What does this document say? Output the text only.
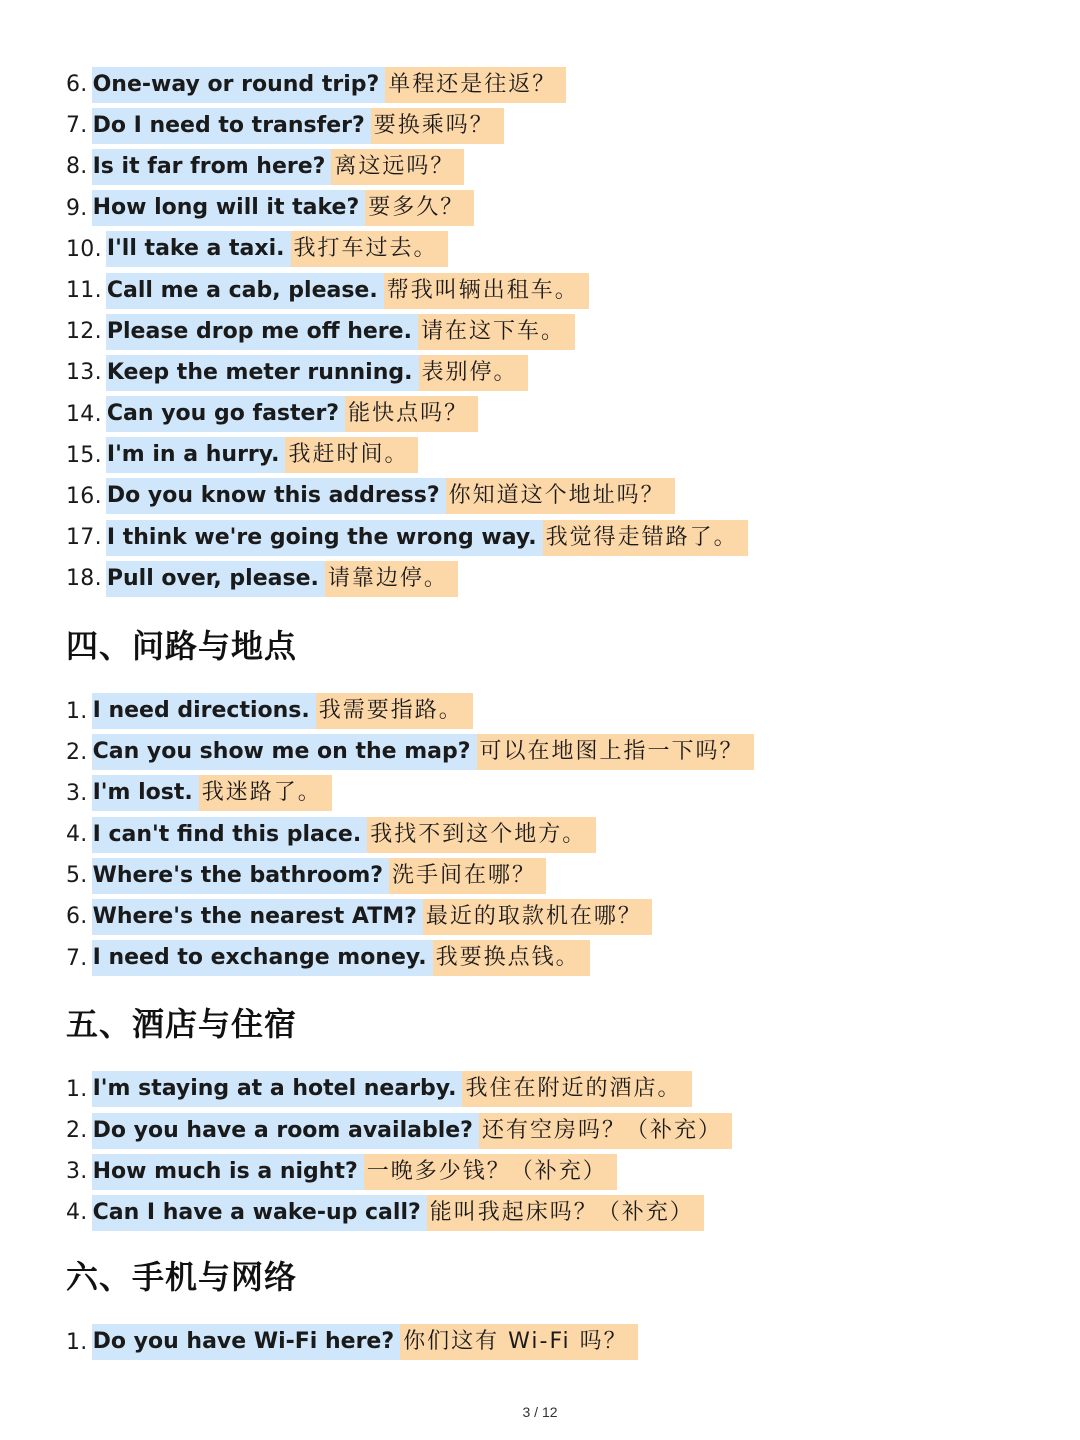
6. One-way or round trip? 单程还是往返？
7. Do I need to transfer? 要换乘吗？
8. Is it far from here? 离这远吗？
9. How long will it take? 要多久？
10. I'll take a taxi. 我打车过去。
11. Call me a cab, please. 帮我叫辆出租车。
12. Please drop me off here. 请在这下车。
13. Keep the meter running. 表别停。
14. Can you go faster? 能快点吗？
15. I'm in a hurry. 我赶时间。
16. Do you know this address? 你知道这个地址吗？
17. I think we're going the wrong way. 我觉得走错路了。
18. Pull over, please. 请靠边停。
四、问路与地点
1. I need directions. 我需要指路。
2. Can you show me on the map? 可以在地图上指一下吗？
3. I'm lost. 我迷路了。
4. I can't find this place. 我找不到这个地方。
5. Where's the bathroom? 洗手间在哪？
6. Where's the nearest ATM? 最近的取款机在哪？
7. I need to exchange money. 我要换点钱。
五、酒店与住宿
1. I'm staying at a hotel nearby. 我住在附近的酒店。
2. Do you have a room available? 还有空房吗？（补充）
3. How much is a night? 一晚多少钱？（补充）
4. Can I have a wake-up call? 能叫我起床吗？（补充）
六、手机与网络
1. Do you have Wi-Fi here? 你们这有 Wi-Fi 吗？
3 / 12
